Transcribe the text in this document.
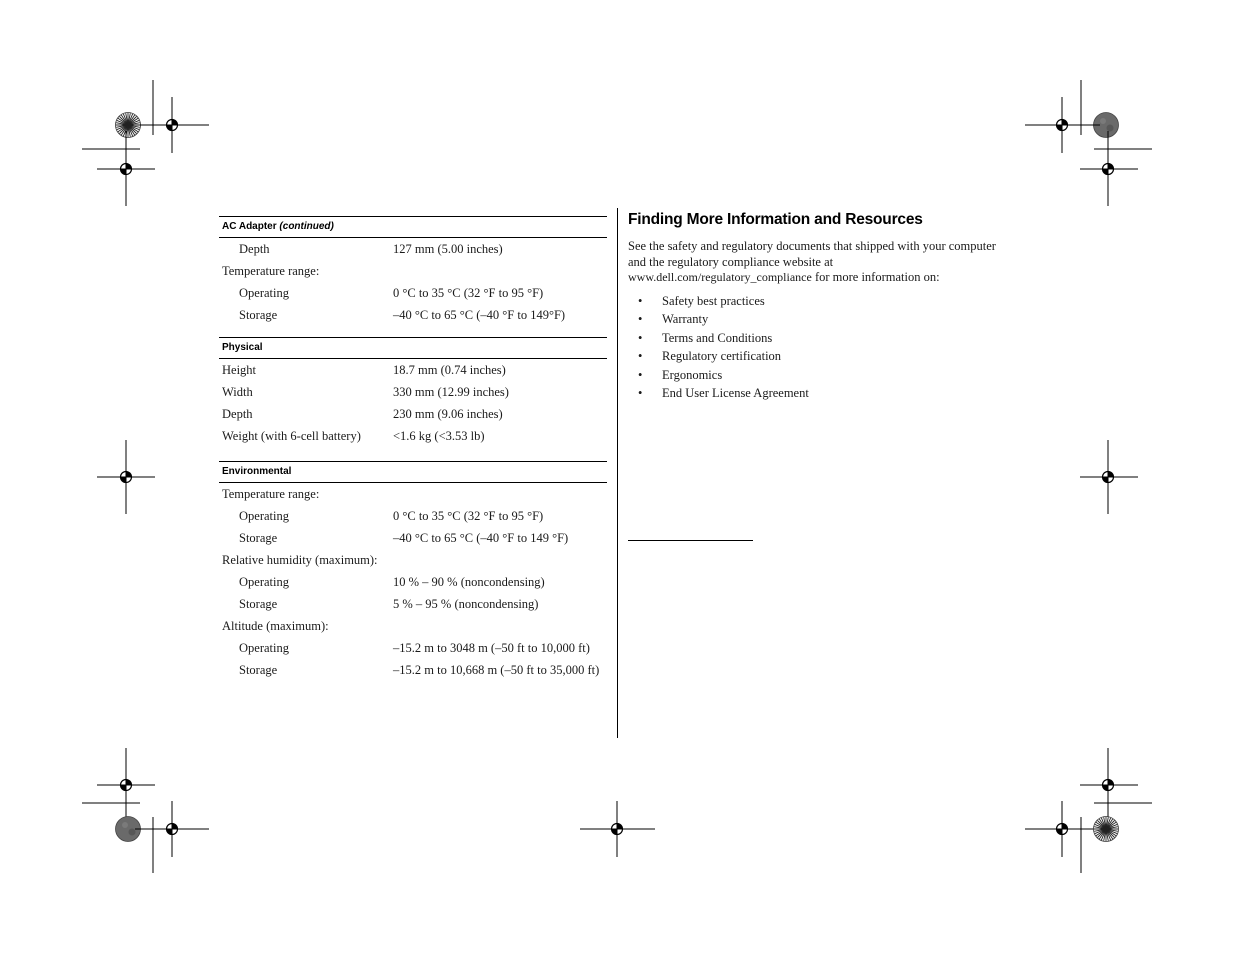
AC Adapter (continued)
Depth	127 mm (5.00 inches)
Temperature range:
Operating	0 °C to 35 °C (32 °F to 95 °F)
Storage	–40 °C to 65 °C (–40 °F to 149°F)
Physical
Height	18.7 mm (0.74 inches)
Width	330 mm (12.99 inches)
Depth	230 mm (9.06 inches)
Weight (with 6-cell battery)	<1.6 kg (<3.53 lb)
Environmental
Temperature range:
Operating	0 °C to 35 °C (32 °F to 95 °F)
Storage	–40 °C to 65 °C (–40 °F to 149 °F)
Relative humidity (maximum):
Operating	10 % – 90 % (noncondensing)
Storage	5 % – 95 % (noncondensing)
Altitude (maximum):
Operating	–15.2 m to 3048 m (–50 ft to 10,000 ft)
Storage	–15.2 m to 10,668 m (–50 ft to 35,000 ft)
Finding More Information and Resources
See the safety and regulatory documents that shipped with your computer
and the regulatory compliance website at
www.dell.com/regulatory_compliance for more information on:
• Safety best practices
• Warranty
• Terms and Conditions
• Regulatory certification
• Ergonomics
• End User License Agreement
